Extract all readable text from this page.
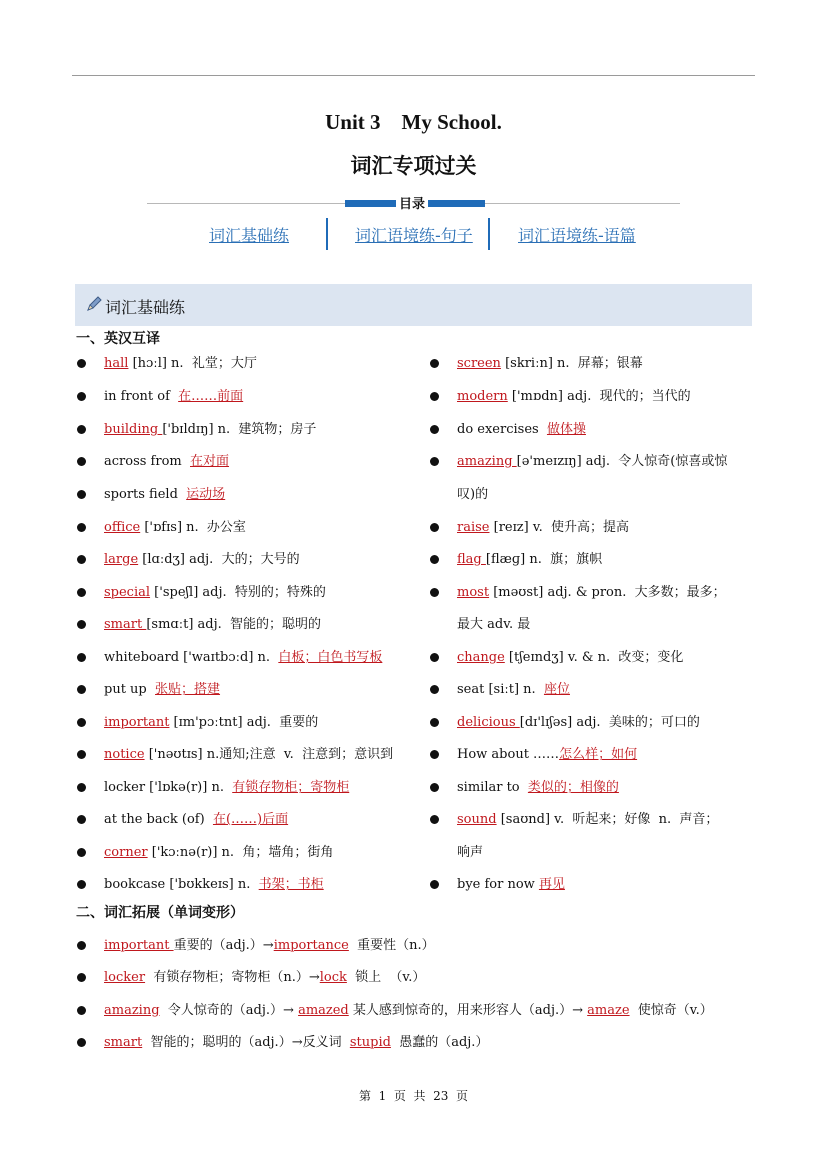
Unit 3    My School.
词汇专项过关
目录
词汇基础练	词汇语境练-句子	词汇语境练-语篇
词汇基础练
一、英汉互译
hall [hɔːl] n.  礼堂；大厅
in front of  在……前面
building ['bɪldɪŋ] n.  建筑物；房子
across from  在对面
sports field  运动场
office ['ɒfɪs] n.  办公室
large [lɑːdʒ] adj.  大的；大号的
special ['speʃl] adj.  特别的；特殊的
smart [smɑːt] adj.  智能的；聪明的
whiteboard ['waɪtbɔːd] n.  白板；白色书写板
put up  张贴；搭建
important [ɪm'pɔːtnt] adj.  重要的
notice ['nəʊtɪs] n.通知;注意  v.  注意到；意识到
locker ['lɒkə(r)] n.  有锁存物柜；寄物柜
at the back (of)  在(……)后面
corner ['kɔːnə(r)] n.  角；墙角；街角
bookcase ['bʊkkeɪs] n.  书架；书柜
screen [skriːn] n.  屏幕；银幕
modern ['mɒdn] adj.  现代的；当代的
do exercises  做体操
amazing [ə'meɪzɪŋ] adj.  令人惊奇(惊喜或惊
raise [reɪz] v.  使升高；提高
flag [flæɡ] n.  旗；旗帜
most [məʊst] adj. & pron.  大多数；最多；
change [tʃeɪndʒ] v. & n.  改变；变化
seat [siːt] n.  座位
delicious [dɪ'lɪʃəs] adj.  美味的；可口的
How about ……怎么样；如何
similar to  类似的；相像的
sound [saʊnd] v.  听起来；好像  n.  声音；
bye for now 再见
叹)的
最大 adv. 最
响声
二、词汇拓展（单词变形）
important 重要的（adj.）→importance  重要性（n.）
locker  有锁存物柜；寄物柜（n.）→lock  锁上  （v.）
amazing  令人惊奇的（adj.）→ amazed 某人感到惊奇的，用来形容人（adj.）→ amaze  使惊奇（v.）
smart  智能的；聪明的（adj.）→反义词  stupid  愚蠢的（adj.）
第  1  页  共  23  页
